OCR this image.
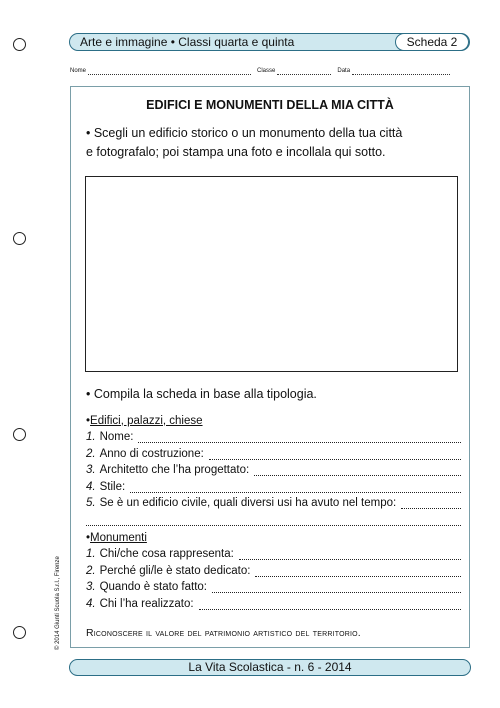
Arte e immagine • Classi quarta e quinta	Scheda 2
Nome	Classe	Data
EDIFICI E MONUMENTI DELLA MIA CITTÀ
• Scegli un edificio storico o un monumento della tua città
e fotografalo; poi stampa una foto e incollala qui sotto.
• Compila la scheda in base alla tipologia.
• Edifici, palazzi, chiese
1. Nome:
2. Anno di costruzione:
3. Architetto che l’ha progettato:
4. Stile:
5. Se è un edificio civile, quali diversi usi ha avuto nel tempo:
• Monumenti
1. Chi/che cosa rappresenta:
2. Perché gli/le è stato dedicato:
3. Quando è stato fatto:
4. Chi l’ha realizzato:
Riconoscere il valore del patrimonio artistico del territorio.
© 2014 Giunti Scuola S.r.l., Firenze
La Vita Scolastica - n. 6 - 2014
